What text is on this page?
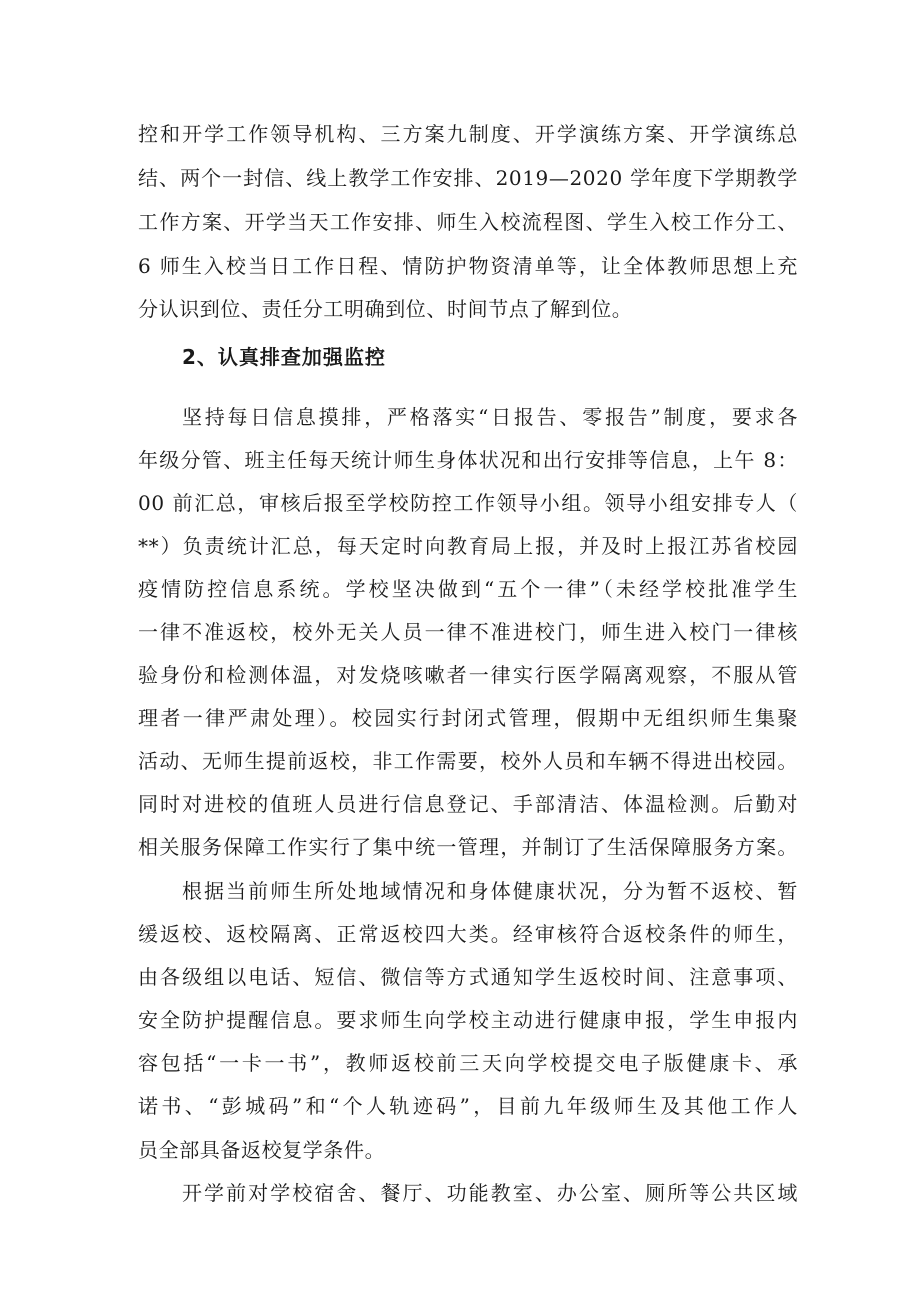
控和开学工作领导机构、三方案九制度、开学演练方案、开学演练总
结、两个一封信、线上教学工作安排、2019—2020 学年度下学期教学
工作方案、开学当天工作安排、师生入校流程图、学生入校工作分工、
6 师生入校当日工作日程、情防护物资清单等，让全体教师思想上充
分认识到位、责任分工明确到位、时间节点了解到位。
2、认真排查加强监控
坚持每日信息摸排，严格落实“日报告、零报告”制度，要求各
年级分管、班主任每天统计师生身体状况和出行安排等信息，上午 8：
00 前汇总，审核后报至学校防控工作领导小组。领导小组安排专人（
**）负责统计汇总，每天定时向教育局上报，并及时上报江苏省校园
疫情防控信息系统。学校坚决做到“五个一律”（未经学校批准学生
一律不准返校，校外无关人员一律不准进校门，师生进入校门一律核
验身份和检测体温，对发烧咳嗽者一律实行医学隔离观察，不服从管
理者一律严肃处理）。校园实行封闭式管理，假期中无组织师生集聚
活动、无师生提前返校，非工作需要，校外人员和车辆不得进出校园。
同时对进校的值班人员进行信息登记、手部清洁、体温检测。后勤对
相关服务保障工作实行了集中统一管理，并制订了生活保障服务方案。
根据当前师生所处地域情况和身体健康状况，分为暂不返校、暂
缓返校、返校隔离、正常返校四大类。经审核符合返校条件的师生，
由各级组以电话、短信、微信等方式通知学生返校时间、注意事项、
安全防护提醒信息。要求师生向学校主动进行健康申报，学生申报内
容包括“一卡一书”，教师返校前三天向学校提交电子版健康卡、承
诺书、“彭城码”和“个人轨迹码”，目前九年级师生及其他工作人
员全部具备返校复学条件。
开学前对学校宿舍、餐厅、功能教室、办公室、厕所等公共区域
